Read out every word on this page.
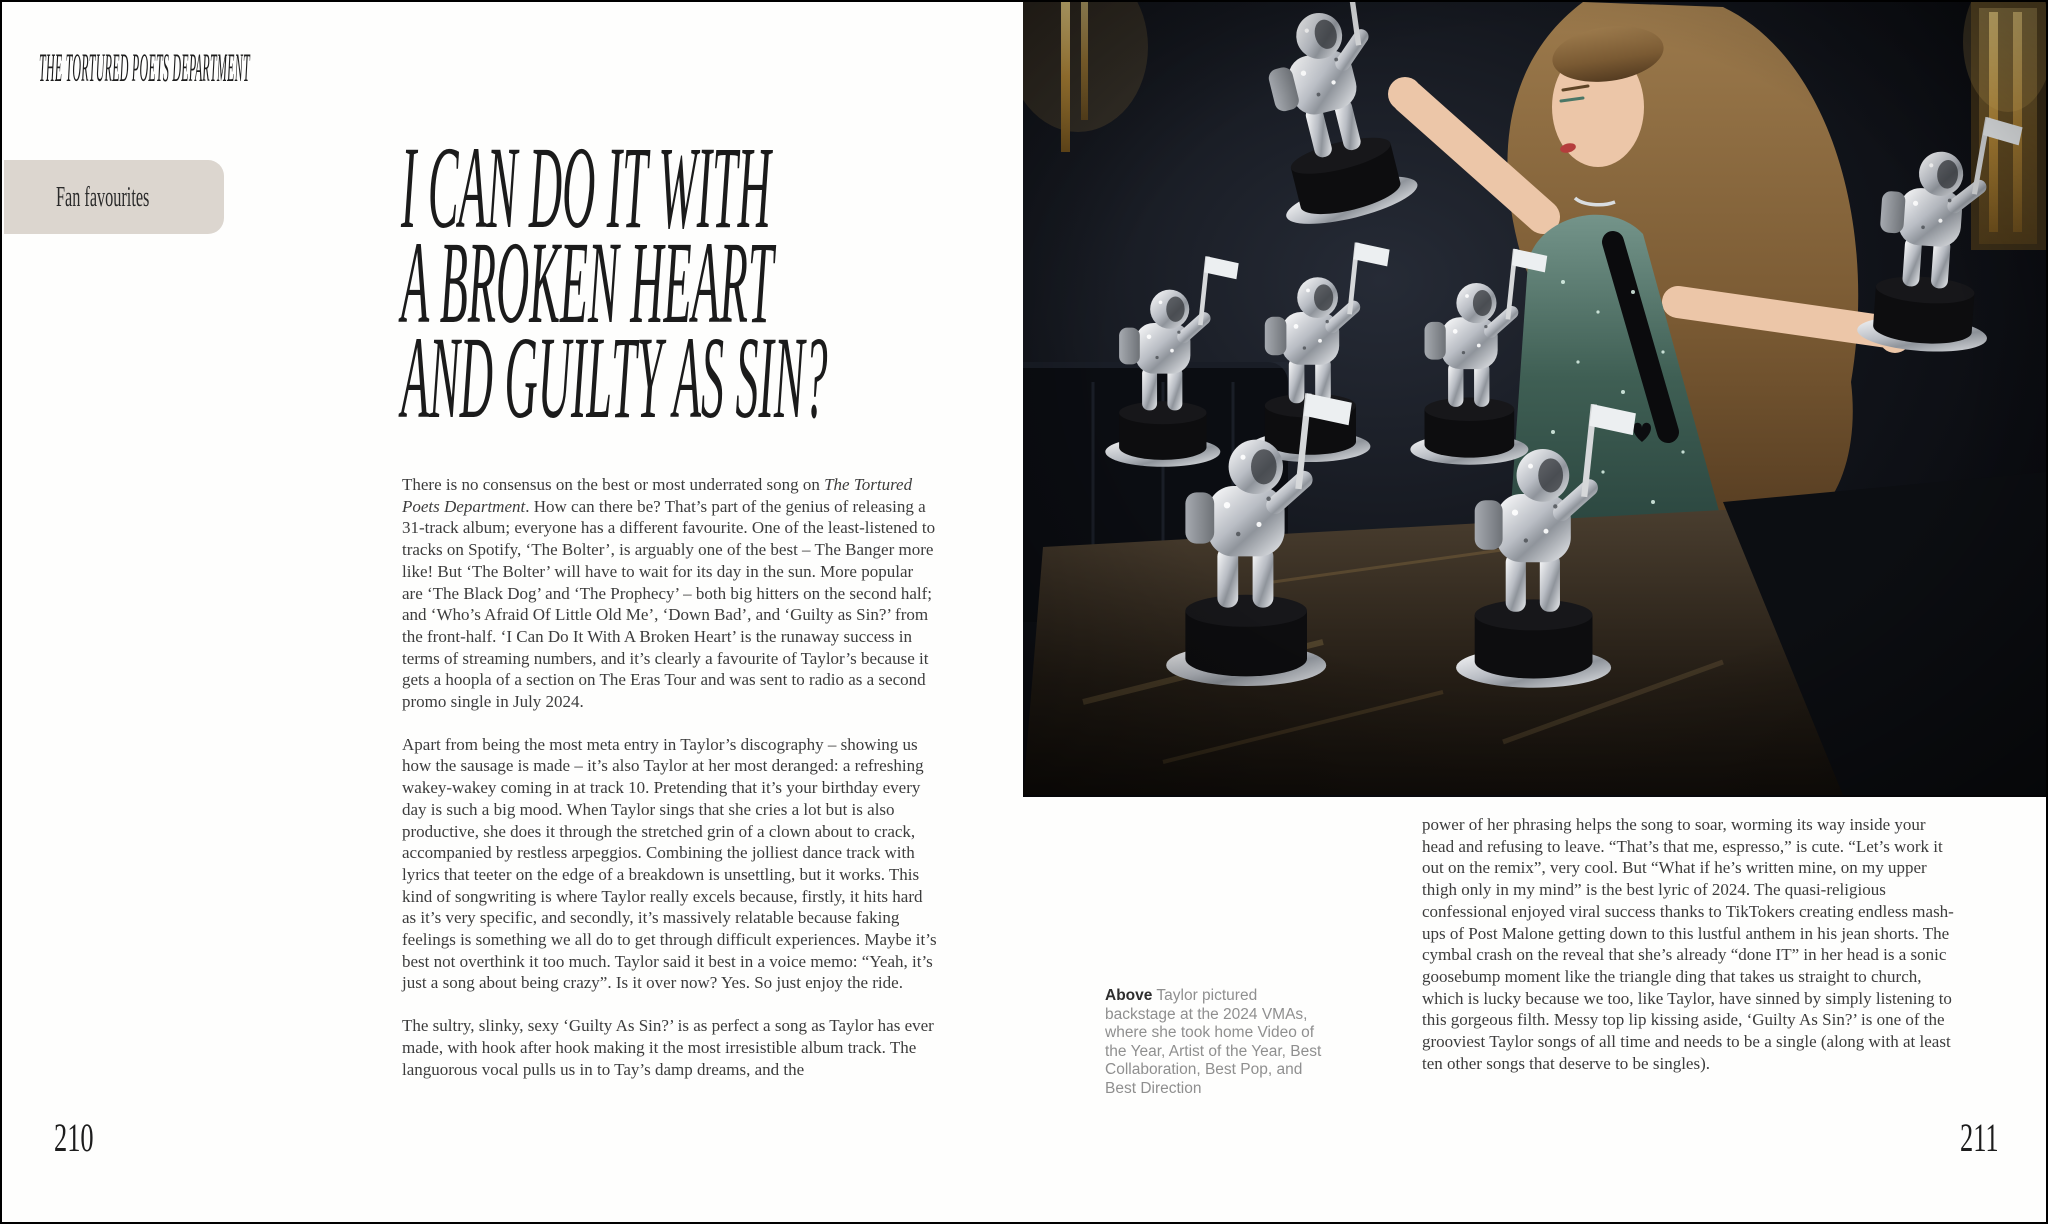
THE TORTURED POETS DEPARTMENT
Fan favourites I CAN DO IT WITH
A BROKEN HEART
AND GUILTY AS SIN?

There is no consensus on the best or most underrated song on The Tortured Poets Department. How can there be? That’s part of the genius of releasing a 31-track album; everyone has a different favourite. One of the least-listened to tracks on Spotify, ‘The Bolter’, is arguably one of the best – The Banger more like! But ‘The Bolter’ will have to wait for its day in the sun. More popular are ‘The Black Dog’ and ‘The Prophecy’ – both big hitters on the second half; and ‘Who’s Afraid Of Little Old Me’, ‘Down Bad’, and ‘Guilty as Sin?’ from the front-half. ‘I Can Do It With A Broken Heart’ is the runaway success in terms of streaming numbers, and it’s clearly a favourite of Taylor’s because it gets a hoopla of a section on The Eras Tour and was sent to radio as a second promo single in July 2024.

Apart from being the most meta entry in Taylor’s discography – showing us how the sausage is made – it’s also Taylor at her most deranged: a refreshing wakey-wakey coming in at track 10. Pretending that it’s your birthday every day is such a big mood. When Taylor sings that she cries a lot but is also productive, she does it through the stretched grin of a clown about to crack, accompanied by restless arpeggios. Combining the jolliest dance track with lyrics that teeter on the edge of a breakdown is unsettling, but it works. This kind of songwriting is where Taylor really excels because, firstly, it hits hard as it’s very specific, and secondly, it’s massively relatable because faking feelings is something we all do to get through difficult experiences. Maybe it’s best not overthink it too much. Taylor said it best in a voice memo: “Yeah, it’s just a song about being crazy”. Is it over now? Yes. So just enjoy the ride.

The sultry, slinky, sexy ‘Guilty As Sin?’ is as perfect a song as Taylor has ever made, with hook after hook making it the most irresistible album track. The languorous vocal pulls us in to Tay’s damp dreams, and the

Above Taylor pictured backstage at the 2024 VMAs, where she took home Video of the Year, Artist of the Year, Best Collaboration, Best Pop, and Best Direction

power of her phrasing helps the song to soar, worming its way inside your head and refusing to leave. “That’s that me, espresso,” is cute. “Let’s work it out on the remix”, very cool. But “What if he’s written mine, on my upper thigh only in my mind” is the best lyric of 2024. The quasi-religious confessional enjoyed viral success thanks to TikTokers creating endless mash-ups of Post Malone getting down to this lustful anthem in his jean shorts. The cymbal crash on the reveal that she’s already “done IT” in her head is a sonic goosebump moment like the triangle ding that takes us straight to church, which is lucky because we too, like Taylor, have sinned by simply listening to this gorgeous filth. Messy top lip kissing aside, ‘Guilty As Sin?’ is one of the grooviest Taylor songs of all time and needs to be a single (along with at least ten other songs that deserve to be singles).

210	211
